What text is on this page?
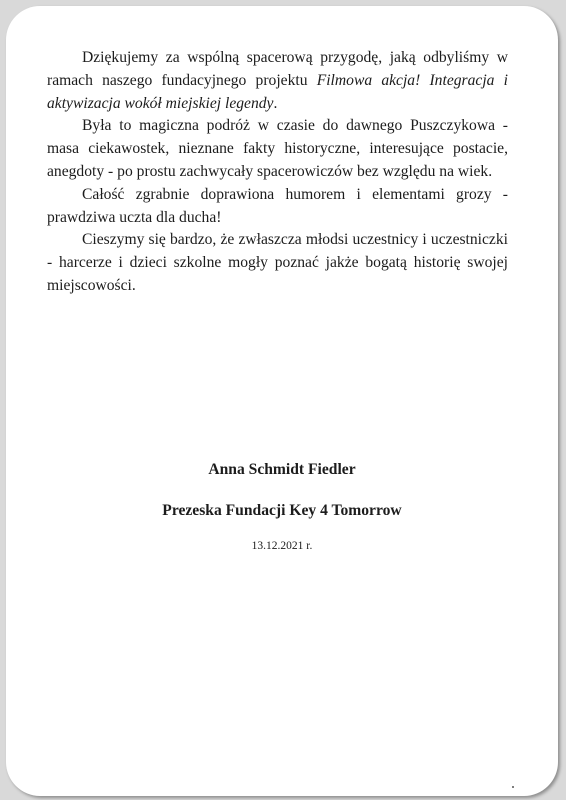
Dziękujemy za wspólną spacerową przygodę, jaką odbyliśmy w ramach naszego fundacyjnego projektu Filmowa akcja! Integracja i aktywizacja wokół miejskiej legendy.

Była to magiczna podróż w czasie do dawnego Puszczykowa - masa ciekawostek, nieznane fakty historyczne, interesujące postacie, anegdoty - po prostu zachwycały spacerowiczów bez względu na wiek.

Całość zgrabnie doprawiona humorem i elementami grozy - prawdziwa uczta dla ducha!

Cieszymy się bardzo, że zwłaszcza młodsi uczestnicy i uczestniczki - harcerze i dzieci szkolne mogły poznać jakże bogatą historię swojej miejscowości.

Anna Schmidt Fiedler
Prezeska Fundacji Key 4 Tomorrow
13.12.2021 r.
